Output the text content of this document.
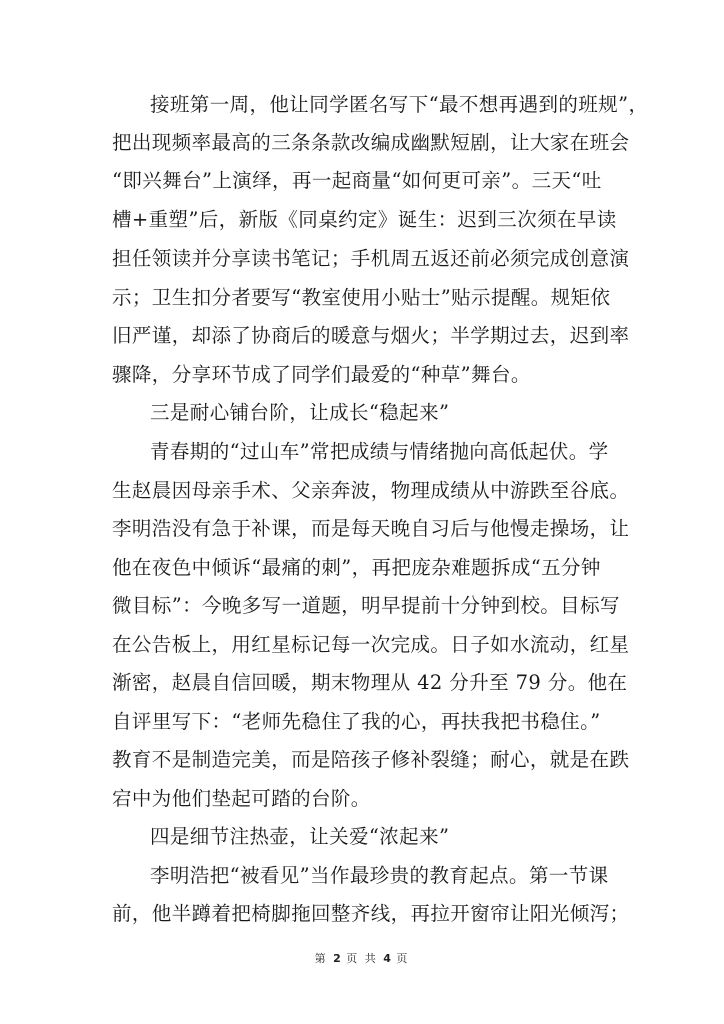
接班第一周，他让同学匿名写下“最不想再遇到的班规”，
把出现频率最高的三条条款改编成幽默短剧，让大家在班会
“即兴舞台”上演绎，再一起商量“如何更可亲”。三天“吐
槽+重塑”后，新版《同桌约定》诞生：迟到三次须在早读
担任领读并分享读书笔记；手机周五返还前必须完成创意演
示；卫生扣分者要写“教室使用小贴士”贴示提醒。规矩依
旧严谨，却添了协商后的暖意与烟火；半学期过去，迟到率
骤降，分享环节成了同学们最爱的“种草”舞台。
三是耐心铺台阶，让成长“稳起来”
青春期的“过山车”常把成绩与情绪抛向高低起伏。学
生赵晨因母亲手术、父亲奔波，物理成绩从中游跌至谷底。
李明浩没有急于补课，而是每天晚自习后与他慢走操场，让
他在夜色中倾诉“最痛的刺”，再把庞杂难题拆成“五分钟
微目标”：今晚多写一道题，明早提前十分钟到校。目标写
在公告板上，用红星标记每一次完成。日子如水流动，红星
渐密，赵晨自信回暖，期末物理从 42 分升至 79 分。他在
自评里写下：“老师先稳住了我的心，再扶我把书稳住。”
教育不是制造完美，而是陪孩子修补裂缝；耐心，就是在跌
宕中为他们垫起可踏的台阶。
四是细节注热壶，让关爱“浓起来”
李明浩把“被看见”当作最珍贵的教育起点。第一节课
前，他半蹲着把椅脚拖回整齐线，再拉开窗帘让阳光倾泻；
第 2 页 共 4 页
